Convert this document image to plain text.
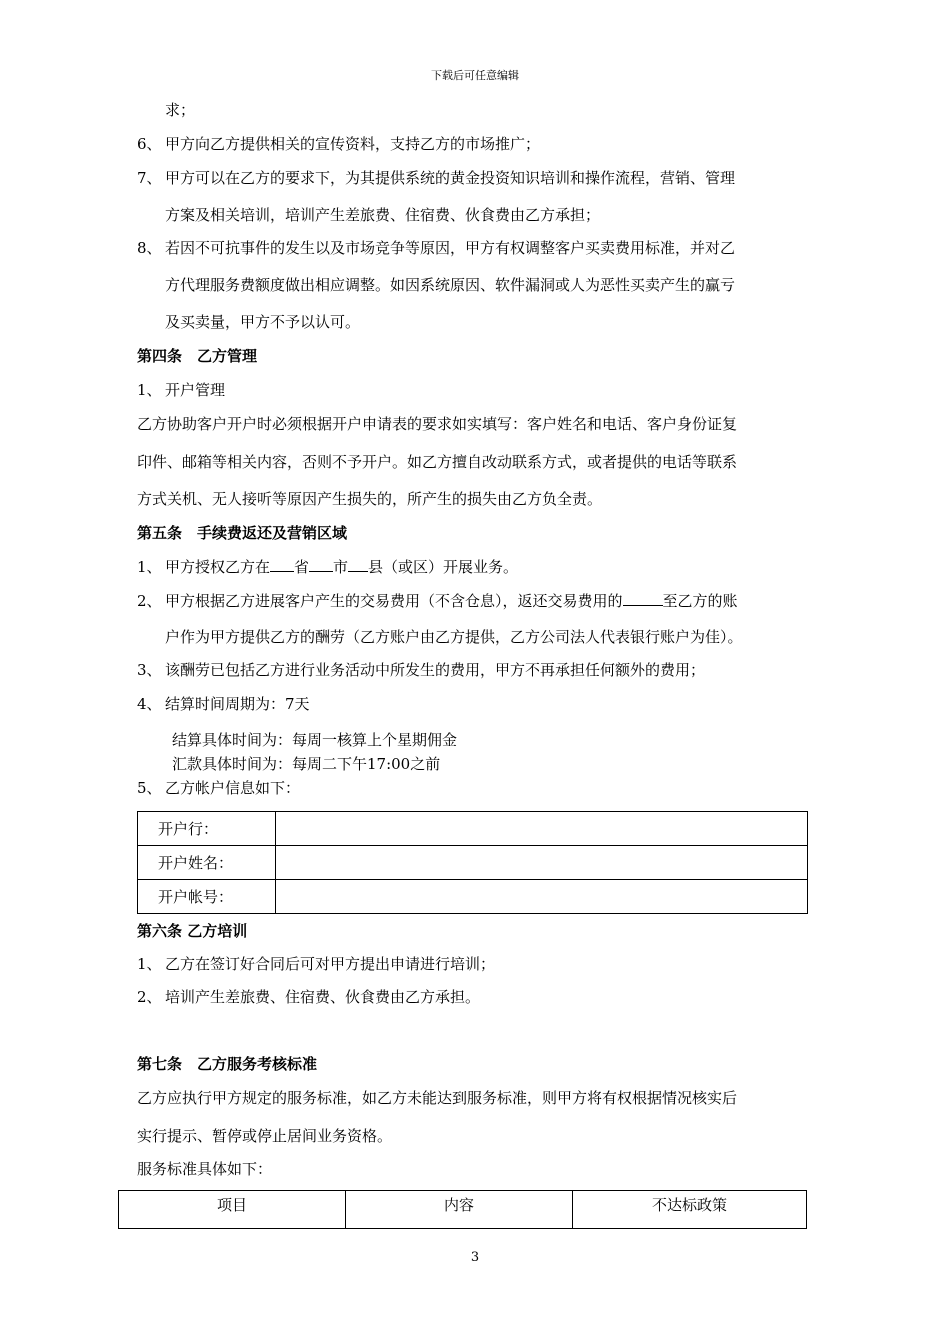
下载后可任意编辑
求；
6、 甲方向乙方提供相关的宣传资料，支持乙方的市场推广；
7、 甲方可以在乙方的要求下，为其提供系统的黄金投资知识培训和操作流程，营销、管理
方案及相关培训，培训产生差旅费、住宿费、伙食费由乙方承担；
8、 若因不可抗事件的发生以及市场竞争等原因，甲方有权调整客户买卖费用标准，并对乙
方代理服务费额度做出相应调整。如因系统原因、软件漏洞或人为恶性买卖产生的赢亏
及买卖量，甲方不予以认可。
第四条　乙方管理
1、 开户管理
乙方协助客户开户时必须根据开户申请表的要求如实填写：客户姓名和电话、客户身份证复
印件、邮箱等相关内容，否则不予开户。如乙方擅自改动联系方式，或者提供的电话等联系
方式关机、无人接听等原因产生损失的，所产生的损失由乙方负全责。
第五条　手续费返还及营销区域
1、 甲方授权乙方在 省 市 县（或区）开展业务。
2、 甲方根据乙方进展客户产生的交易费用（不含仓息），返还交易费用的	至乙方的账
户作为甲方提供乙方的酬劳（乙方账户由乙方提供，乙方公司法人代表银行账户为佳）。
3、 该酬劳已包括乙方进行业务活动中所发生的费用，甲方不再承担任何额外的费用；
4、 结算时间周期为：7天
结算具体时间为：每周一核算上个星期佣金
汇款具体时间为：每周二下午17:00之前
5、 乙方帐户信息如下：
开户行：	
开户姓名：	
开户帐号：	
第六条 乙方培训
1、 乙方在签订好合同后可对甲方提出申请进行培训；
2、 培训产生差旅费、住宿费、伙食费由乙方承担。
第七条　乙方服务考核标准
乙方应执行甲方规定的服务标准，如乙方未能达到服务标准，则甲方将有权根据情况核实后
实行提示、暂停或停止居间业务资格。
服务标准具体如下：
项目	内容	不达标政策
3
